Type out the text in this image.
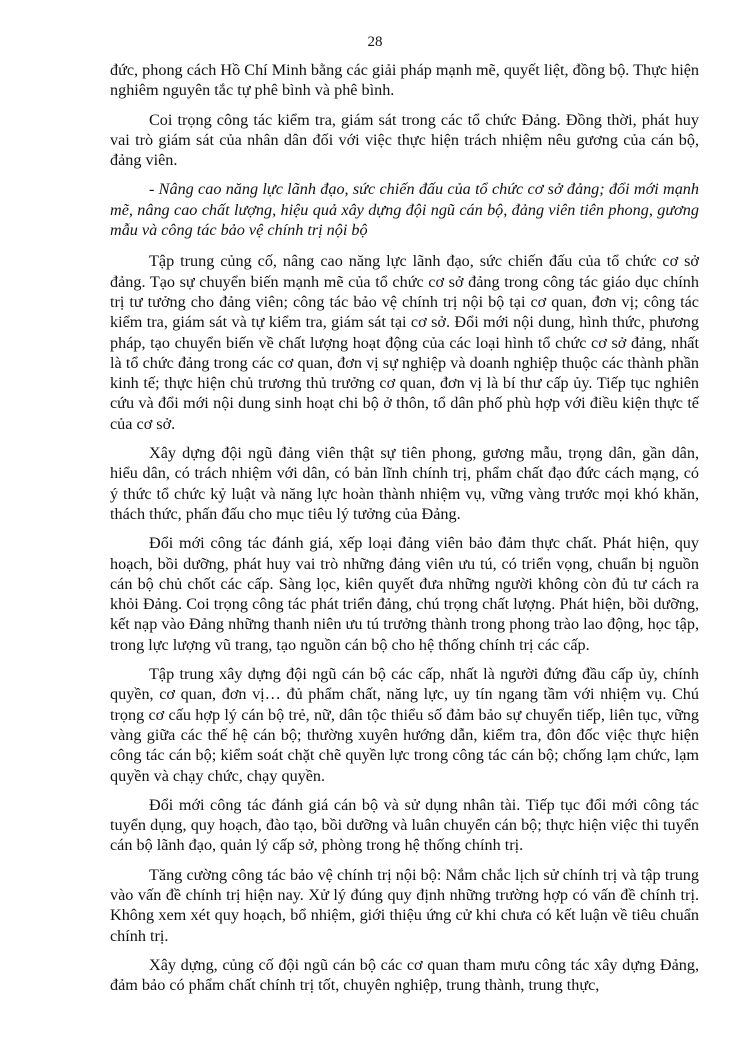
28

đức, phong cách Hồ Chí Minh bằng các giải pháp mạnh mẽ, quyết liệt, đồng bộ. Thực hiện nghiêm nguyên tắc tự phê bình và phê bình.

Coi trọng công tác kiểm tra, giám sát trong các tổ chức Đảng. Đồng thời, phát huy vai trò giám sát của nhân dân đối với việc thực hiện trách nhiệm nêu gương của cán bộ, đảng viên.

- Nâng cao năng lực lãnh đạo, sức chiến đấu của tổ chức cơ sở đảng; đổi mới mạnh mẽ, nâng cao chất lượng, hiệu quả xây dựng đội ngũ cán bộ, đảng viên tiên phong, gương mẫu và công tác bảo vệ chính trị nội bộ

Tập trung củng cố, nâng cao năng lực lãnh đạo, sức chiến đấu của tổ chức cơ sở đảng. Tạo sự chuyển biến mạnh mẽ của tổ chức cơ sở đảng trong công tác giáo dục chính trị tư tưởng cho đảng viên; công tác bảo vệ chính trị nội bộ tại cơ quan, đơn vị; công tác kiểm tra, giám sát và tự kiểm tra, giám sát tại cơ sở. Đổi mới nội dung, hình thức, phương pháp, tạo chuyển biến về chất lượng hoạt động của các loại hình tổ chức cơ sở đảng, nhất là tổ chức đảng trong các cơ quan, đơn vị sự nghiệp và doanh nghiệp thuộc các thành phần kinh tế; thực hiện chủ trương thủ trưởng cơ quan, đơn vị là bí thư cấp ủy. Tiếp tục nghiên cứu và đổi mới nội dung sinh hoạt chi bộ ở thôn, tổ dân phố phù hợp với điều kiện thực tế của cơ sở.

Xây dựng đội ngũ đảng viên thật sự tiên phong, gương mẫu, trọng dân, gần dân, hiểu dân, có trách nhiệm với dân, có bản lĩnh chính trị, phẩm chất đạo đức cách mạng, có ý thức tổ chức kỷ luật và năng lực hoàn thành nhiệm vụ, vững vàng trước mọi khó khăn, thách thức, phấn đấu cho mục tiêu lý tưởng của Đảng.

Đổi mới công tác đánh giá, xếp loại đảng viên bảo đảm thực chất. Phát hiện, quy hoạch, bồi dưỡng, phát huy vai trò những đảng viên ưu tú, có triển vọng, chuẩn bị nguồn cán bộ chủ chốt các cấp. Sàng lọc, kiên quyết đưa những người không còn đủ tư cách ra khỏi Đảng. Coi trọng công tác phát triển đảng, chú trọng chất lượng. Phát hiện, bồi dưỡng, kết nạp vào Đảng những thanh niên ưu tú trưởng thành trong phong trào lao động, học tập, trong lực lượng vũ trang, tạo nguồn cán bộ cho hệ thống chính trị các cấp.

Tập trung xây dựng đội ngũ cán bộ các cấp, nhất là người đứng đầu cấp ủy, chính quyền, cơ quan, đơn vị… đủ phẩm chất, năng lực, uy tín ngang tầm với nhiệm vụ. Chú trọng cơ cấu hợp lý cán bộ trẻ, nữ, dân tộc thiểu số đảm bảo sự chuyển tiếp, liên tục, vững vàng giữa các thế hệ cán bộ; thường xuyên hướng dẫn, kiểm tra, đôn đốc việc thực hiện công tác cán bộ; kiểm soát chặt chẽ quyền lực trong công tác cán bộ; chống lạm chức, lạm quyền và chạy chức, chạy quyền.

Đổi mới công tác đánh giá cán bộ và sử dụng nhân tài. Tiếp tục đổi mới công tác tuyển dụng, quy hoạch, đào tạo, bồi dưỡng và luân chuyển cán bộ; thực hiện việc thi tuyển cán bộ lãnh đạo, quản lý cấp sở, phòng trong hệ thống chính trị.

Tăng cường công tác bảo vệ chính trị nội bộ: Nắm chắc lịch sử chính trị và tập trung vào vấn đề chính trị hiện nay. Xử lý đúng quy định những trường hợp có vấn đề chính trị. Không xem xét quy hoạch, bổ nhiệm, giới thiệu ứng cử khi chưa có kết luận về tiêu chuẩn chính trị.

Xây dựng, củng cố đội ngũ cán bộ các cơ quan tham mưu công tác xây dựng Đảng, đảm bảo có phẩm chất chính trị tốt, chuyên nghiệp, trung thành, trung thực,
